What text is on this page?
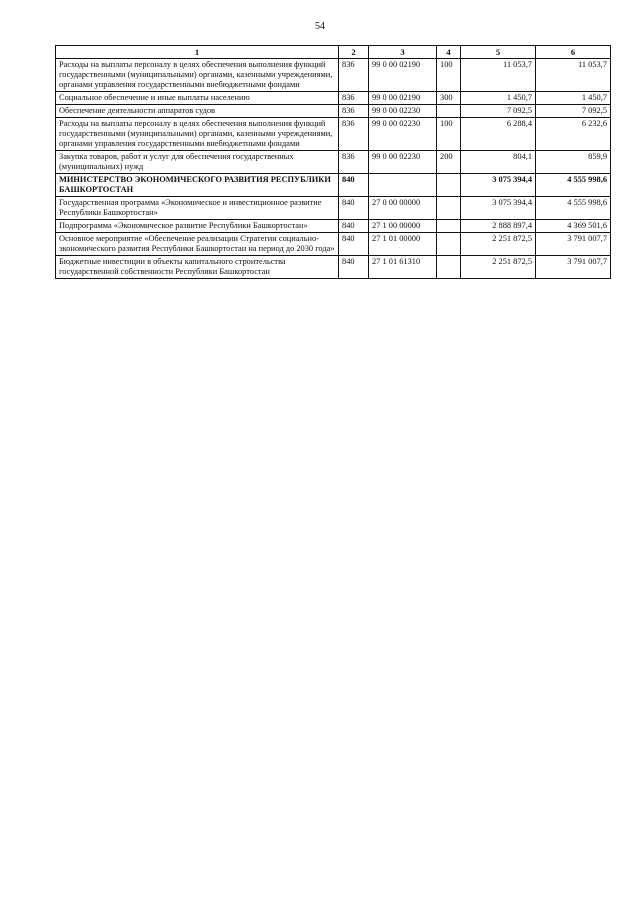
54
1	2	3	4	5	6
Расходы на выплаты персоналу в целях обеспечения выполнения функций государственными (муниципальными) органами, казенными учреждениями, органами управления государственными внебюджетными фондами	836	99 0 00 02190	100	11 053,7	11 053,7
Социальное обеспечение и иные выплаты населению	836	99 0 00 02190	300	1 450,7	1 450,7
Обеспечение деятельности аппаратов судов	836	99 0 00 02230		7 092,5	7 092,5
Расходы на выплаты персоналу в целях обеспечения выполнения функций государственными (муниципальными) органами, казенными учреждениями, органами управления государственными внебюджетными фондами	836	99 0 00 02230	100	6 288,4	6 232,6
Закупка товаров, работ и услуг для обеспечения государственных (муниципальных) нужд	836	99 0 00 02230	200	804,1	859,9
МИНИСТЕРСТВО ЭКОНОМИЧЕСКОГО РАЗВИТИЯ РЕСПУБЛИКИ БАШКОРТОСТАН	840			3 075 394,4	4 555 998,6
Государственная программа «Экономическое и инвестиционное развитие Республики Башкортостан»	840	27 0 00 00000		3 075 394,4	4 555 998,6
Подпрограмма «Экономическое развитие Республики Башкортостан»	840	27 1 00 00000		2 888 897,4	4 369 501,6
Основное мероприятие «Обеспечение реализации Стратегии социально-экономического развития Республики Башкортостан на период до 2030 года»	840	27 1 01 00000		2 251 872,5	3 791 007,7
Бюджетные инвестиции в объекты капитального строительства государственной собственности Республики Башкортостан	840	27 1 01 61310		2 251 872,5	3 791 007,7
